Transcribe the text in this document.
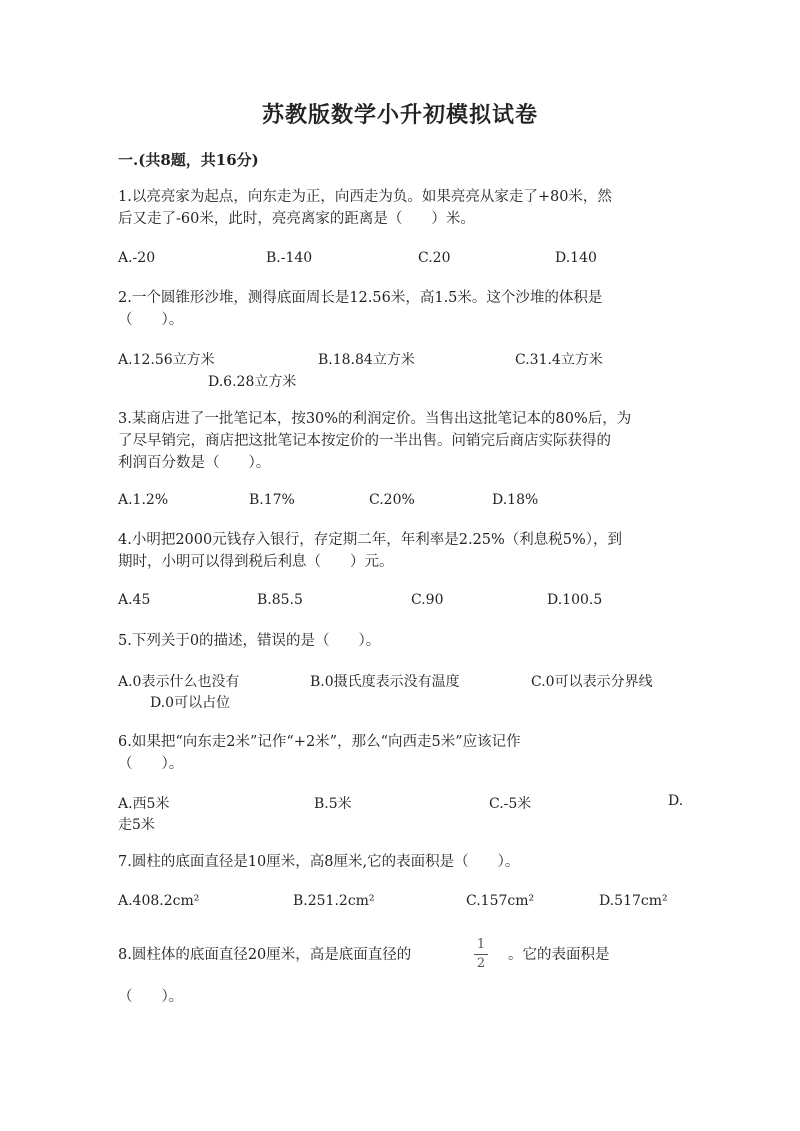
苏教版数学小升初模拟试卷
一.(共8题，共16分)
1.以亮亮家为起点，向东走为正，向西走为负。如果亮亮从家走了+80米，然
后又走了-60米，此时，亮亮离家的距离是（　　）米。
A.-20	B.-140	C.20	D.140
2.一个圆锥形沙堆，测得底面周长是12.56米，高1.5米。这个沙堆的体积是
（　　）。
A.12.56立方米	B.18.84立方米	C.31.4立方米
D.6.28立方米
3.某商店进了一批笔记本，按30%的利润定价。当售出这批笔记本的80%后，为
了尽早销完，商店把这批笔记本按定价的一半出售。问销完后商店实际获得的
利润百分数是（　　）。
A.1.2%	B.17%	C.20%	D.18%
4.小明把2000元钱存入银行，存定期二年，年利率是2.25%（利息税5%），到
期时，小明可以得到税后利息（　　）元。
A.45	B.85.5	C.90	D.100.5
5.下列关于0的描述，错误的是（　　）。
A.0表示什么也没有	B.0摄氏度表示没有温度	C.0可以表示分界线
D.0可以占位
6.如果把“向东走2米”记作“+2米”，那么“向西走5米”应该记作
（　　）。
A.西5米	B.5米	C.-5米	D.
走5米
7.圆柱的底面直径是10厘米，高8厘米,它的表面积是（　　）。
A.408.2cm²	B.251.2cm²	C.157cm²	D.517cm²
8.圆柱体的底面直径20厘米，高是底面直径的
1
2
。它的表面积是
（　　）。
